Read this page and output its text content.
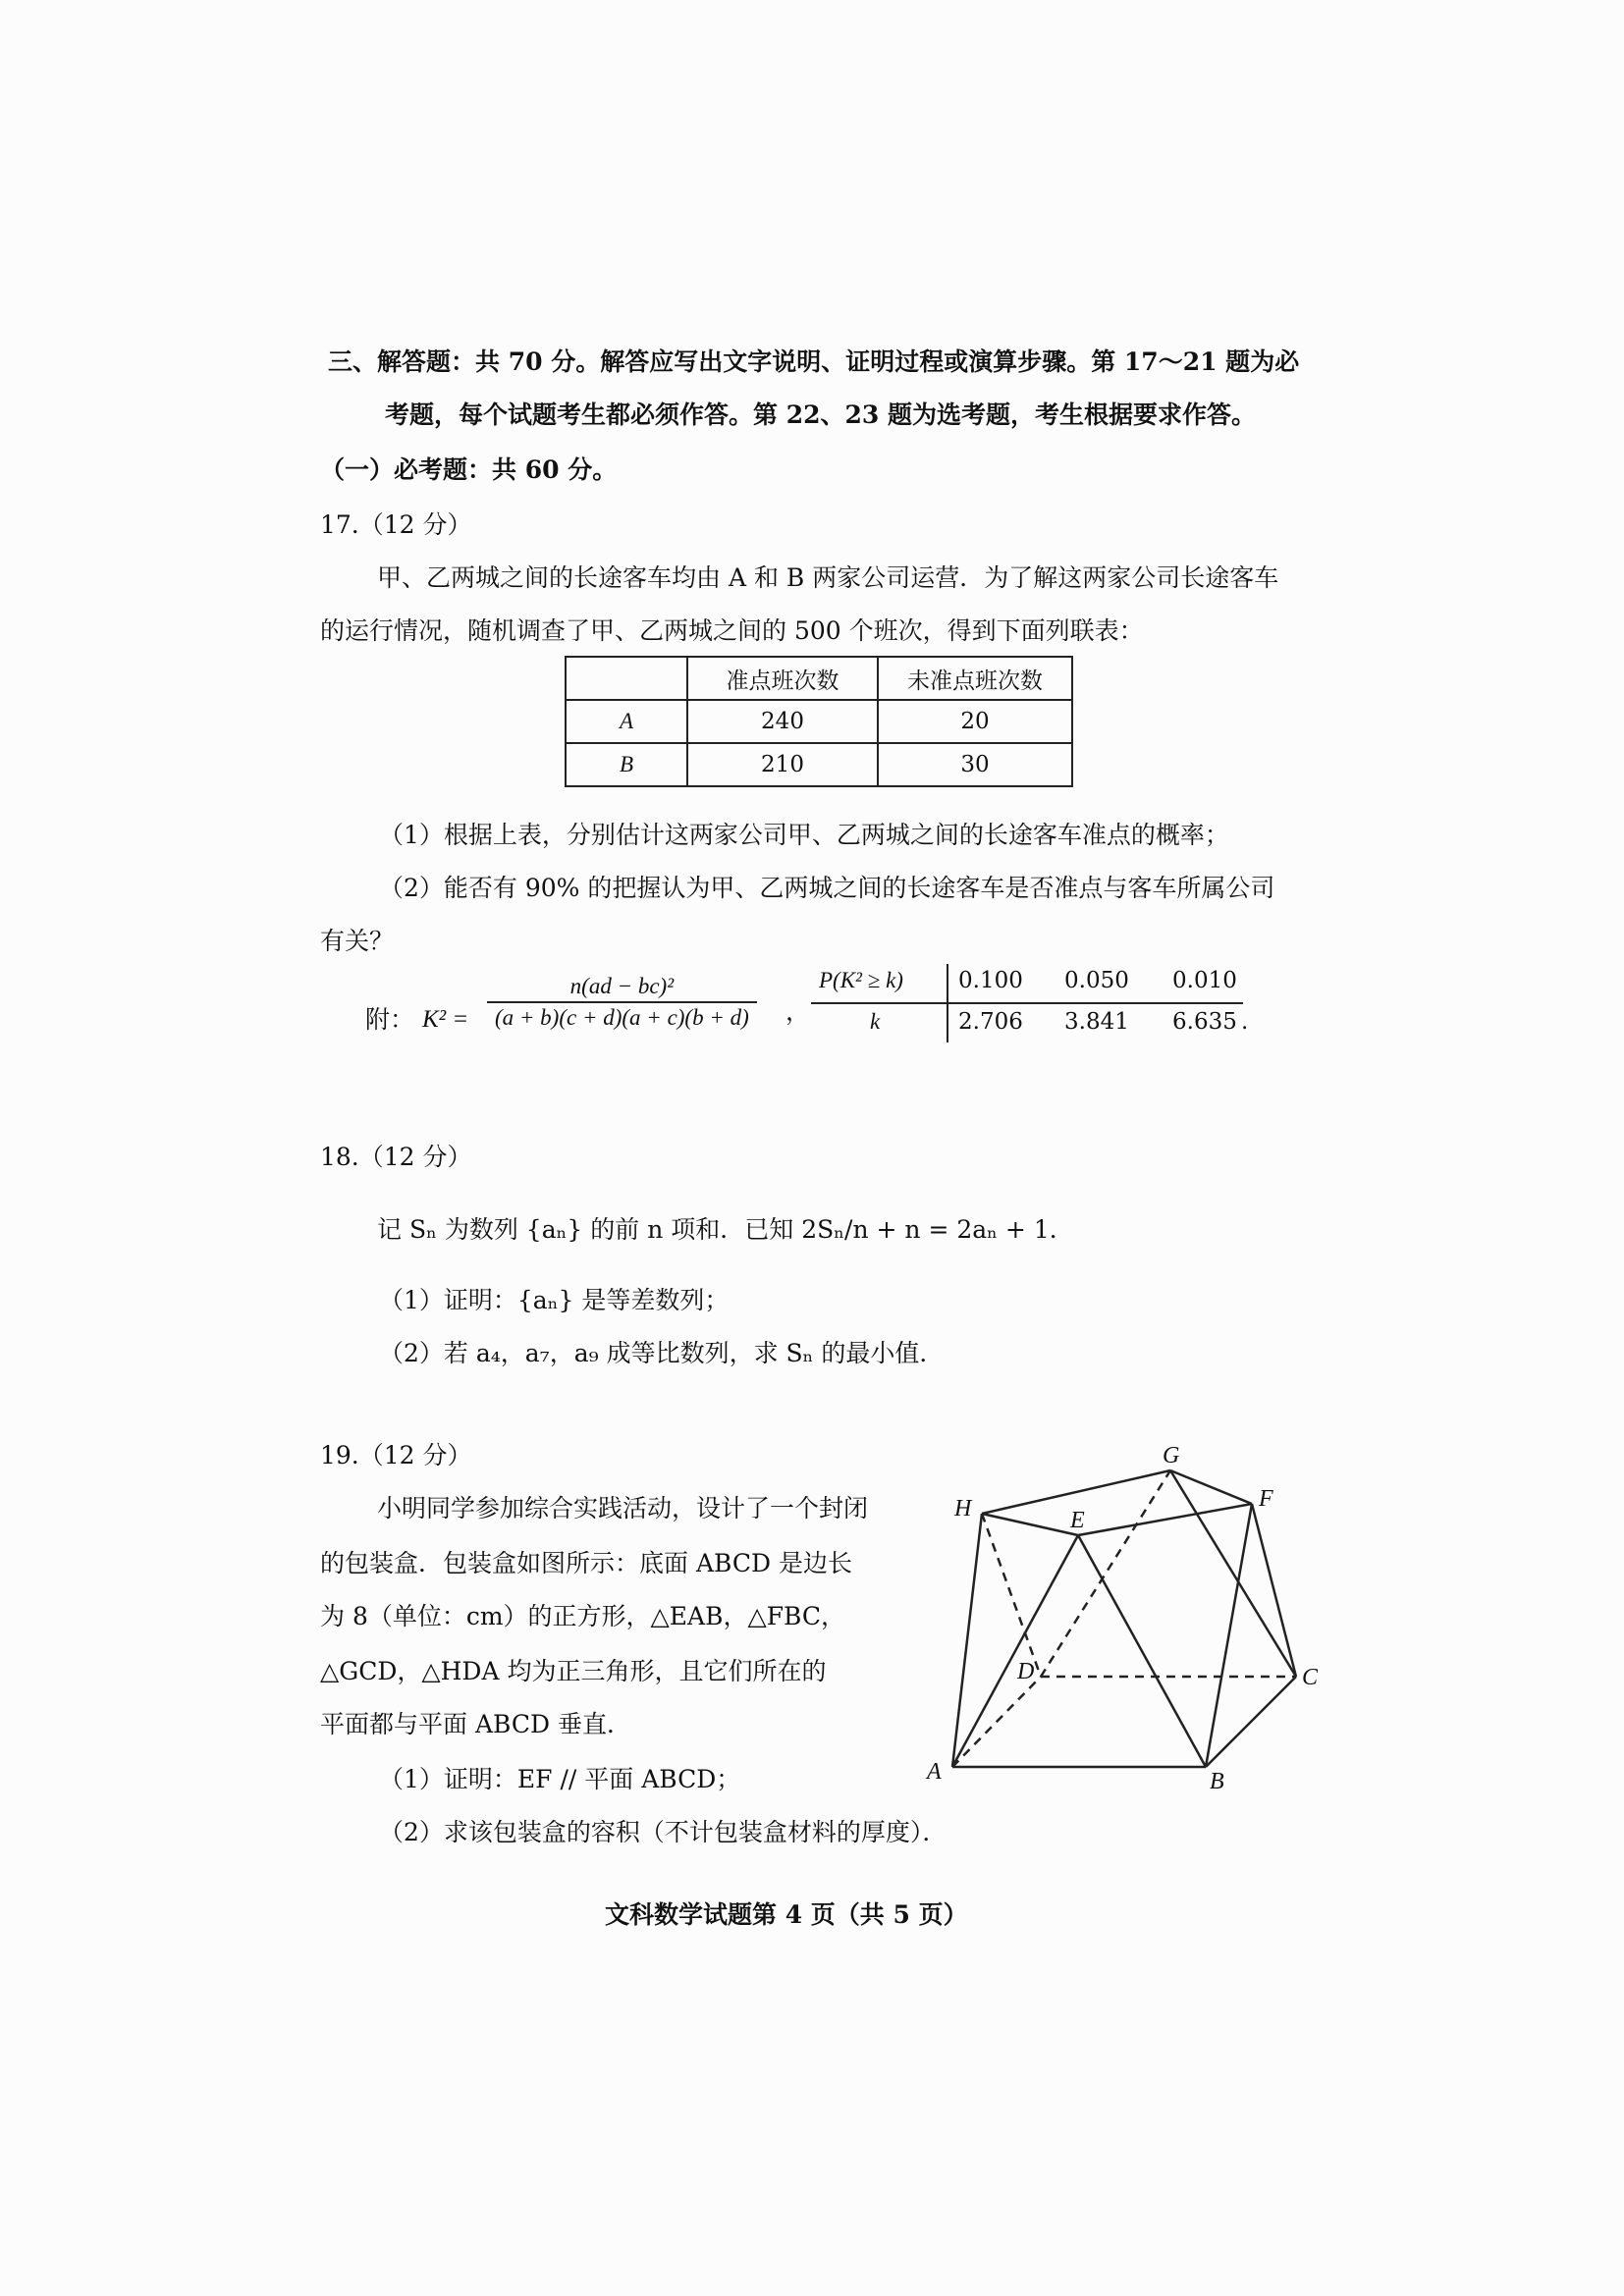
三、解答题：共 70 分。解答应写出文字说明、证明过程或演算步骤。第 17～21 题为必
考题，每个试题考生都必须作答。第 22、23 题为选考题，考生根据要求作答。
（一）必考题：共 60 分。
17.（12 分）
甲、乙两城之间的长途客车均由 A 和 B 两家公司运营．为了解这两家公司长途客车
的运行情况，随机调查了甲、乙两城之间的 500 个班次，得到下面列联表：
	准点班次数	未准点班次数
A	240	20
B	210	30
（1）根据上表，分别估计这两家公司甲、乙两城之间的长途客车准点的概率；
（2）能否有 90% 的把握认为甲、乙两城之间的长途客车是否准点与客车所属公司
有关？
附： $K^2 = \frac{\text{n(ad − bc)²}}{(a + b)(c + d)(a + c)(b + d)}$ ，
P(K² ≥ k) 0.100 0.050 0.010
k	2.706 3.841 6.635 .
18.（12 分）
记 Sₙ 为数列 {aₙ} 的前 n 项和．已知 2Sₙ/n + n = 2aₙ + 1．
（1）证明：{aₙ} 是等差数列；
（2）若 a₄，a₇，a₉ 成等比数列，求 Sₙ 的最小值．
19.（12 分）
小明同学参加综合实践活动，设计了一个封闭
的包装盒．包装盒如图所示：底面 ABCD 是边长
为 8（单位：cm）的正方形，△EAB，△FBC，
△GCD，△HDA 均为正三角形，且它们所在的
平面都与平面 ABCD 垂直．
（1）证明：EF // 平面 ABCD；
（2）求该包装盒的容积（不计包装盒材料的厚度）．
A	B
C
D
E
F
G
H
文科数学试题第 4 页（共 5 页）
